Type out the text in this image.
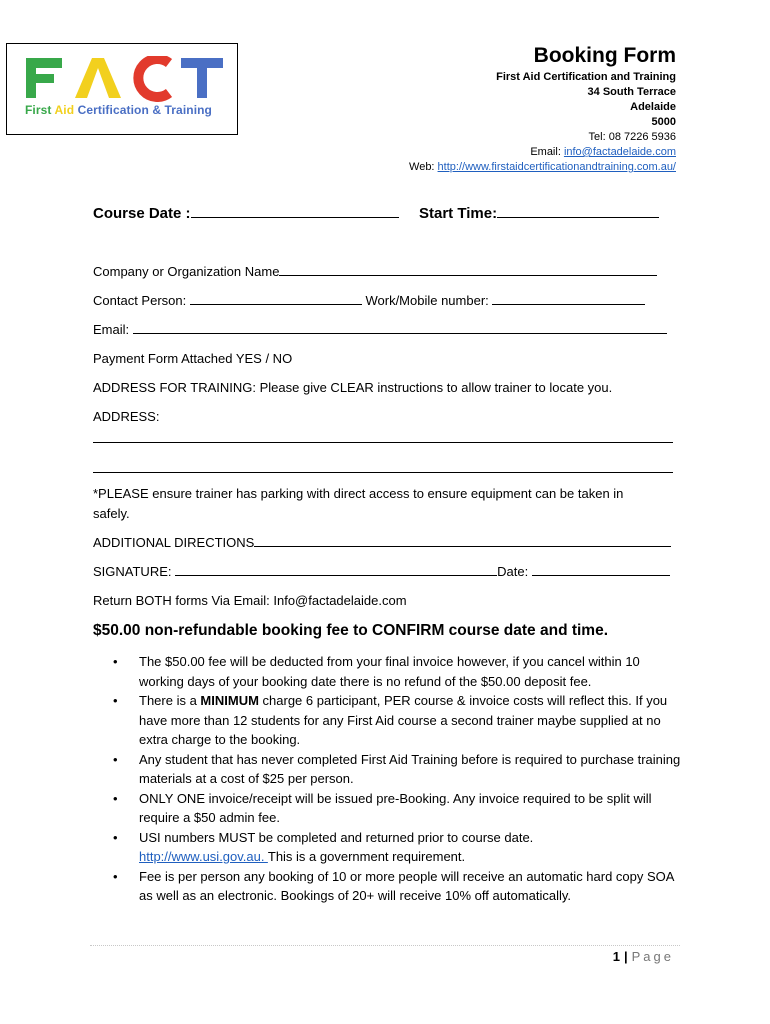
First Aid Certification & Training
Booking Form
First Aid Certification and Training
34 South Terrace
Adelaide
5000
Tel: 08 7226 5936
Email: info@factadelaide.com
Web: http://www.firstaidcertificationandtraining.com.au/
Course Date :	Start Time:
Company or Organization Name
Contact Person:	Work/Mobile number:
Email:
Payment Form Attached YES / NO
ADDRESS FOR TRAINING: Please give CLEAR instructions to allow trainer to locate you.
ADDRESS:
*PLEASE ensure trainer has parking with direct access to ensure equipment can be taken in
safely.
ADDITIONAL DIRECTIONS
SIGNATURE:	Date:
Return BOTH forms Via Email: Info@factadelaide.com
$50.00 non-refundable booking fee to CONFIRM course date and time.
• The $50.00 fee will be deducted from your final invoice however, if you cancel within 10 working days of your booking date there is no refund of the $50.00 deposit fee.
• There is a MINIMUM charge 6 participant, PER course & invoice costs will reflect this. If you have more than 12 students for any First Aid course a second trainer maybe supplied at no extra charge to the booking.
• Any student that has never completed First Aid Training before is required to purchase training materials at a cost of $25 per person.
• ONLY ONE invoice/receipt will be issued pre-Booking. Any invoice required to be split will require a $50 admin fee.
• USI numbers MUST be completed and returned prior to course date.
http://www.usi.gov.au. This is a government requirement.
• Fee is per person any booking of 10 or more people will receive an automatic hard copy SOA as well as an electronic. Bookings of 20+ will receive 10% off automatically.
1 | Page
